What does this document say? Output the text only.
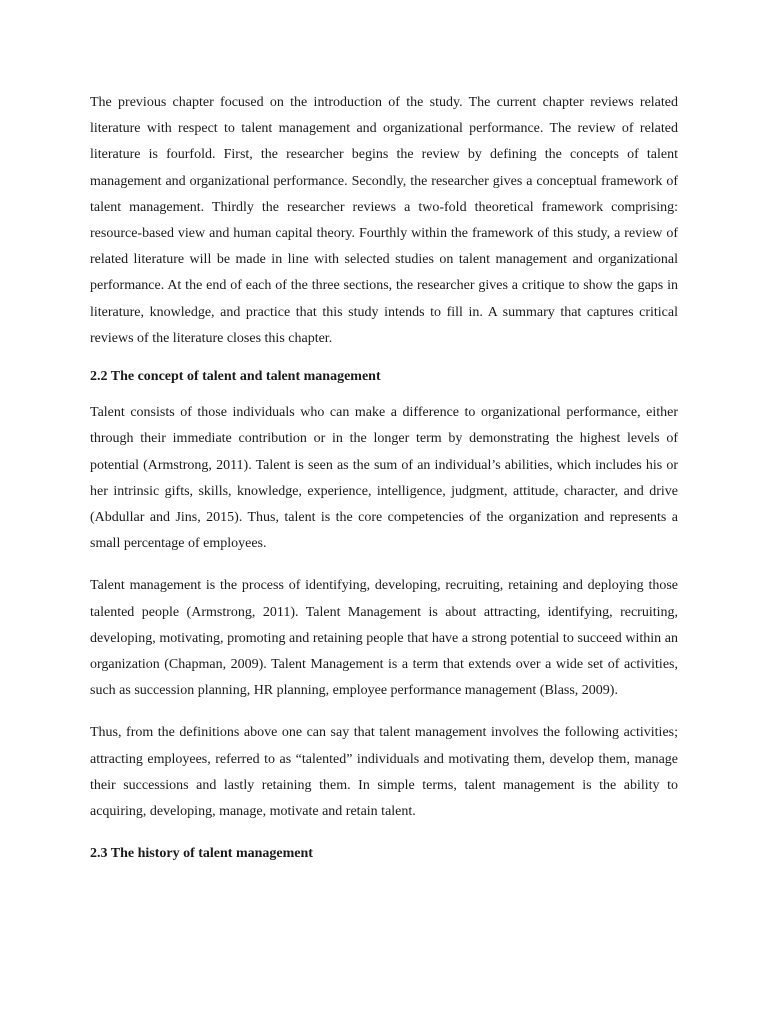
The previous chapter focused on the introduction of the study. The current chapter reviews related literature with respect to talent management and organizational performance. The review of related literature is fourfold. First, the researcher begins the review by defining the concepts of talent management and organizational performance. Secondly, the researcher gives a conceptual framework of talent management. Thirdly the researcher reviews a two-fold theoretical framework comprising: resource-based view and human capital theory. Fourthly within the framework of this study, a review of related literature will be made in line with selected studies on talent management and organizational performance. At the end of each of the three sections, the researcher gives a critique to show the gaps in literature, knowledge, and practice that this study intends to fill in. A summary that captures critical reviews of the literature closes this chapter.

2.2 The concept of talent and talent management

Talent consists of those individuals who can make a difference to organizational performance, either through their immediate contribution or in the longer term by demonstrating the highest levels of potential (Armstrong, 2011). Talent is seen as the sum of an individual’s abilities, which includes his or her intrinsic gifts, skills, knowledge, experience, intelligence, judgment, attitude, character, and drive (Abdullar and Jins, 2015). Thus, talent is the core competencies of the organization and represents a small percentage of employees.

Talent management is the process of identifying, developing, recruiting, retaining and deploying those talented people (Armstrong, 2011). Talent Management is about attracting, identifying, recruiting, developing, motivating, promoting and retaining people that have a strong potential to succeed within an organization (Chapman, 2009). Talent Management is a term that extends over a wide set of activities, such as succession planning, HR planning, employee performance management (Blass, 2009).

Thus, from the definitions above one can say that talent management involves the following activities; attracting employees, referred to as “talented” individuals and motivating them, develop them, manage their successions and lastly retaining them. In simple terms, talent management is the ability to acquiring, developing, manage, motivate and retain talent.

2.3 The history of talent management
